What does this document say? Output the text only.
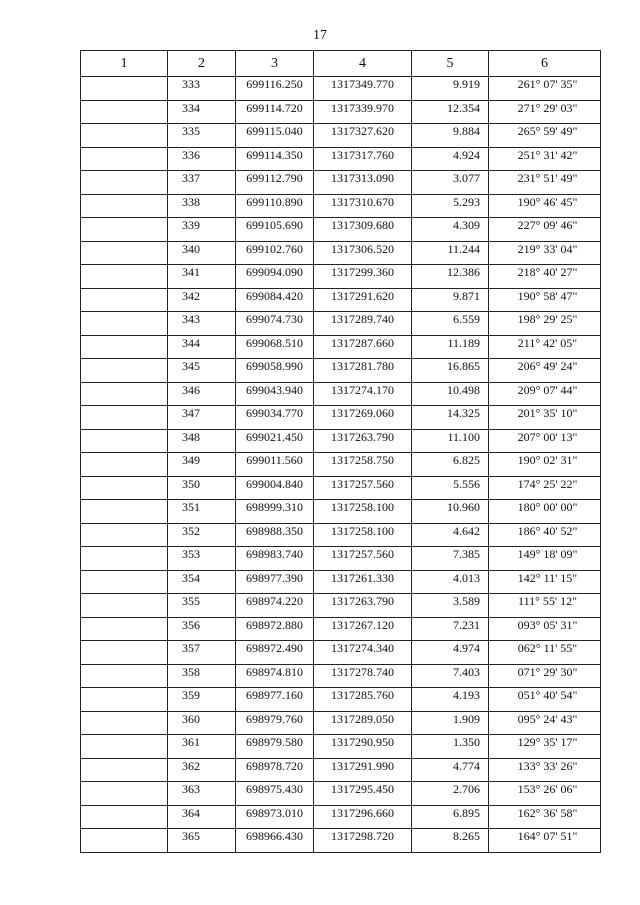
17
1	2	3	4	5	6
	333	699116.250	1317349.770	9.919	261° 07' 35"
	334	699114.720	1317339.970	12.354	271° 29' 03"
	335	699115.040	1317327.620	9.884	265° 59' 49"
	336	699114.350	1317317.760	4.924	251° 31' 42"
	337	699112.790	1317313.090	3.077	231° 51' 49"
	338	699110.890	1317310.670	5.293	190° 46' 45"
	339	699105.690	1317309.680	4.309	227° 09' 46"
	340	699102.760	1317306.520	11.244	219° 33' 04"
	341	699094.090	1317299.360	12.386	218° 40' 27"
	342	699084.420	1317291.620	9.871	190° 58' 47"
	343	699074.730	1317289.740	6.559	198° 29' 25"
	344	699068.510	1317287.660	11.189	211° 42' 05"
	345	699058.990	1317281.780	16.865	206° 49' 24"
	346	699043.940	1317274.170	10.498	209° 07' 44"
	347	699034.770	1317269.060	14.325	201° 35' 10"
	348	699021.450	1317263.790	11.100	207° 00' 13"
	349	699011.560	1317258.750	6.825	190° 02' 31"
	350	699004.840	1317257.560	5.556	174° 25' 22"
	351	698999.310	1317258.100	10.960	180° 00' 00"
	352	698988.350	1317258.100	4.642	186° 40' 52"
	353	698983.740	1317257.560	7.385	149° 18' 09"
	354	698977.390	1317261.330	4.013	142° 11' 15"
	355	698974.220	1317263.790	3.589	111° 55' 12"
	356	698972.880	1317267.120	7.231	093° 05' 31"
	357	698972.490	1317274.340	4.974	062° 11' 55"
	358	698974.810	1317278.740	7.403	071° 29' 30"
	359	698977.160	1317285.760	4.193	051° 40' 54"
	360	698979.760	1317289.050	1.909	095° 24' 43"
	361	698979.580	1317290.950	1.350	129° 35' 17"
	362	698978.720	1317291.990	4.774	133° 33' 26"
	363	698975.430	1317295.450	2.706	153° 26' 06"
	364	698973.010	1317296.660	6.895	162° 36' 58"
	365	698966.430	1317298.720	8.265	164° 07' 51"
